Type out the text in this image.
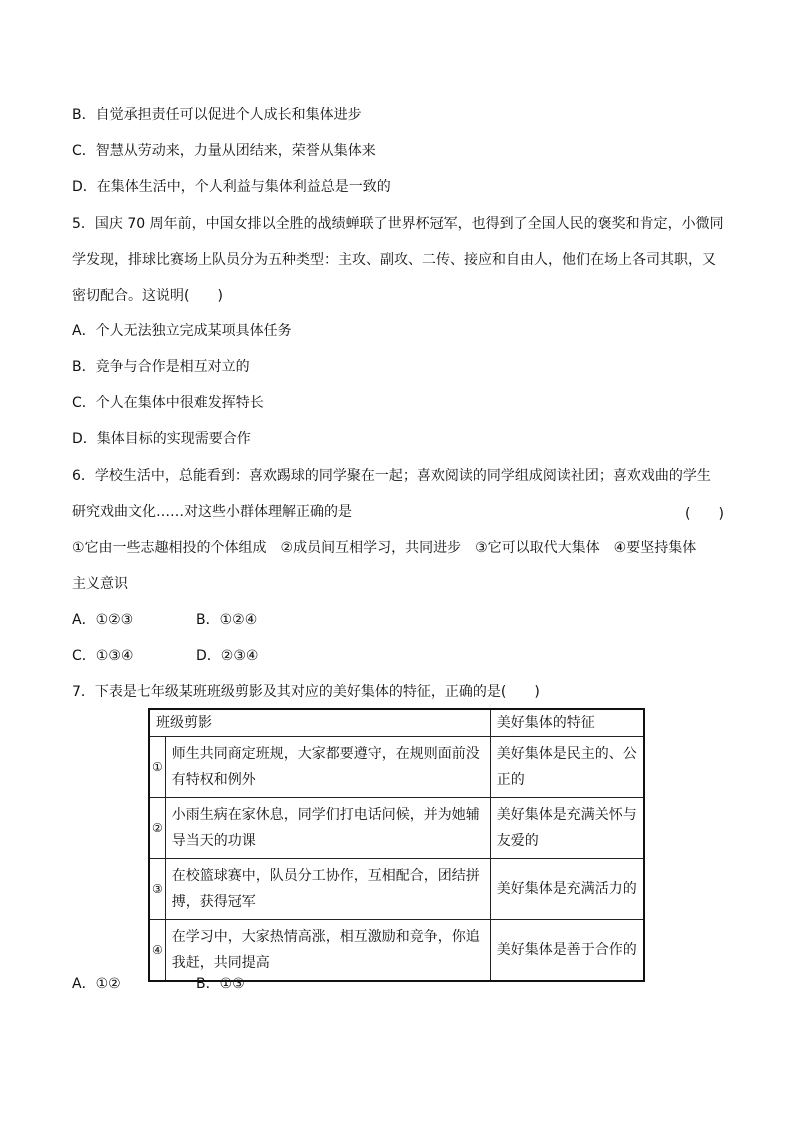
B．自觉承担责任可以促进个人成长和集体进步
C．智慧从劳动来，力量从团结来，荣誉从集体来
D．在集体生活中，个人利益与集体利益总是一致的
5．国庆 70 周年前，中国女排以全胜的战绩蝉联了世界杯冠军，也得到了全国人民的褒奖和肯定，小微同
学发现，排球比赛场上队员分为五种类型：主攻、副攻、二传、接应和自由人，他们在场上各司其职，又
密切配合。这说明(　　)
A．个人无法独立完成某项具体任务
B．竞争与合作是相互对立的
C．个人在集体中很难发挥特长
D．集体目标的实现需要合作
6．学校生活中，总能看到：喜欢踢球的同学聚在一起；喜欢阅读的同学组成阅读社团；喜欢戏曲的学生
研究戏曲文化……对这些小群体理解正确的是	(　　)
①它由一些志趣相投的个体组成　②成员间互相学习，共同进步　③它可以取代大集体　④要坚持集体
主义意识
A．①②③	B．①②④
C．①③④	D．②③④
7．下表是七年级某班班级剪影及其对应的美好集体的特征，正确的是(　　)
班级剪影		美好集体的特征
①	师生共同商定班规，大家都要遵守，在规则面前没有特权和例外	美好集体是民主的、公正的
②	小雨生病在家休息，同学们打电话问候，并为她辅导当天的功课	美好集体是充满关怀与友爱的
③	在校篮球赛中，队员分工协作，互相配合，团结拼搏，获得冠军	美好集体是充满活力的
④	在学习中，大家热情高涨，相互激励和竞争，你追我赶，共同提高	美好集体是善于合作的
A．①②	B．①③
